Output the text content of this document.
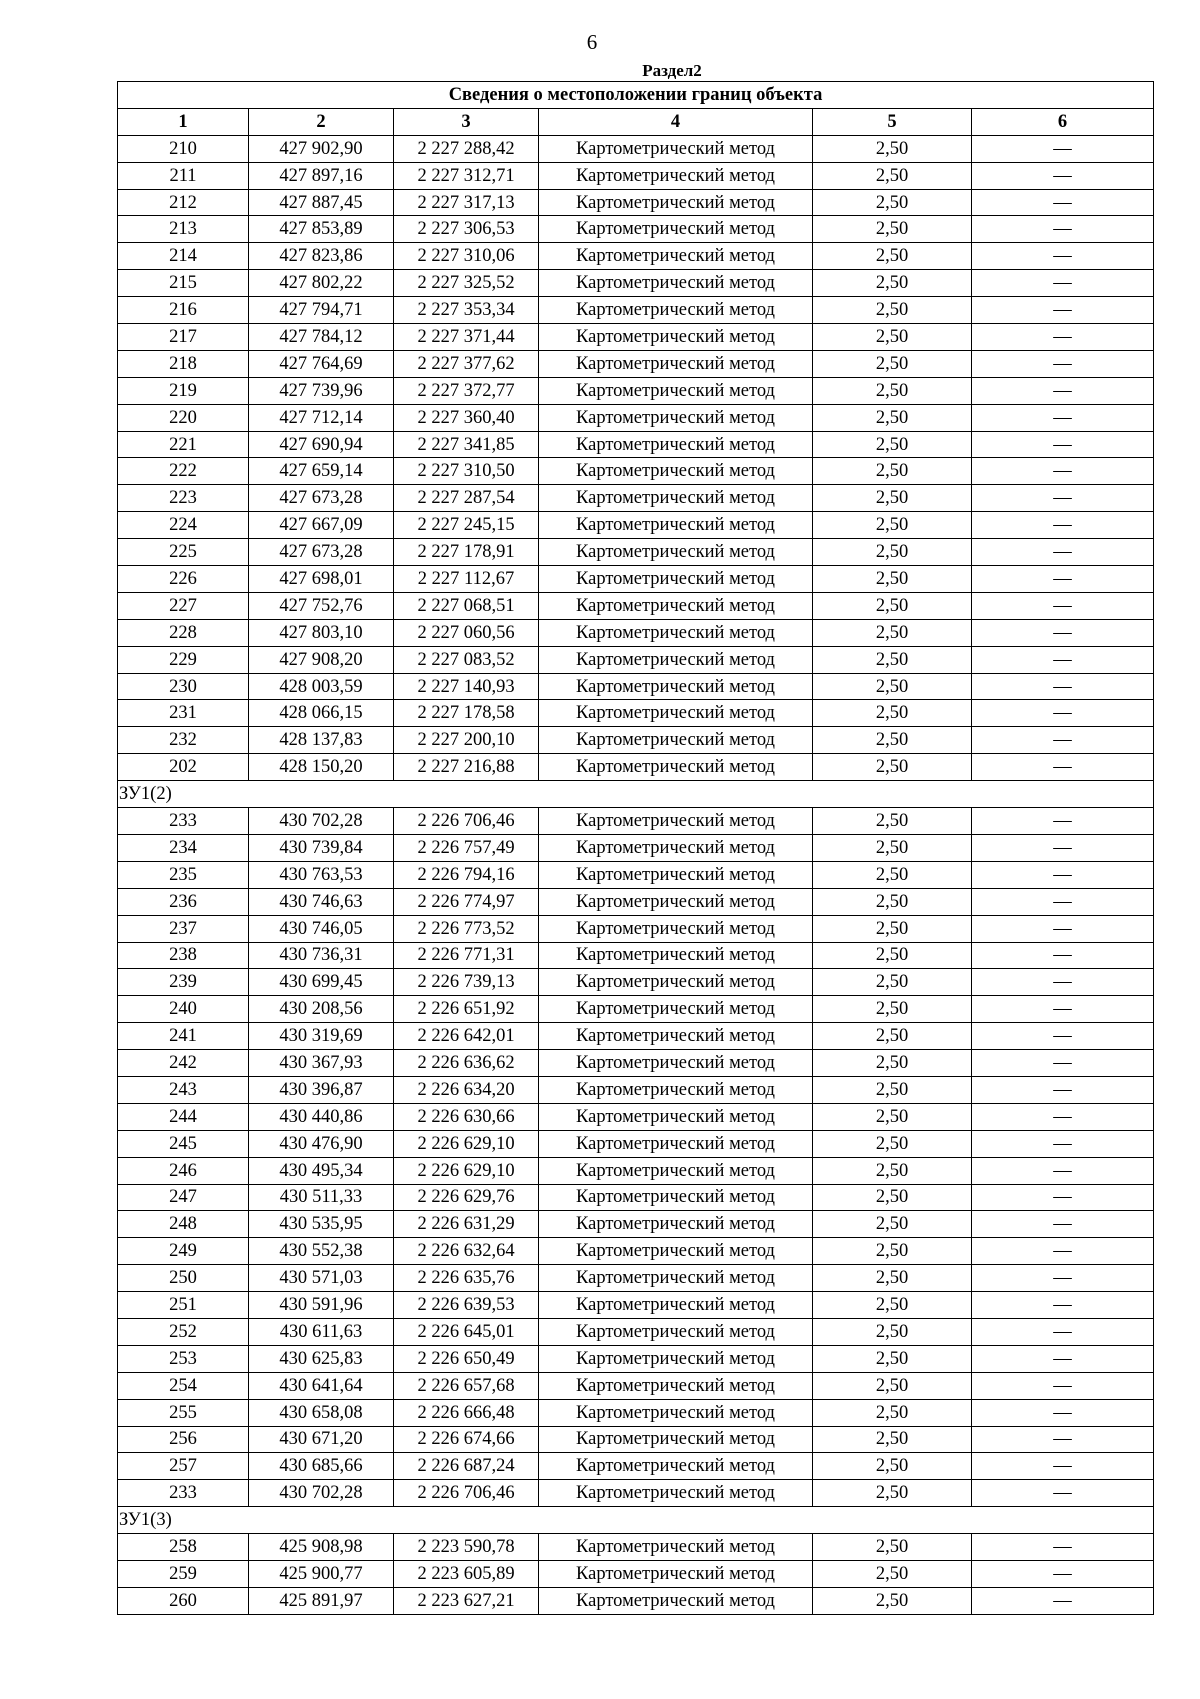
6
Раздел2
Сведения о местоположении границ объекта					
1	2	3	4	5	6
210	427 902,90	2 227 288,42	Картометрический метод	2,50	—
211	427 897,16	2 227 312,71	Картометрический метод	2,50	—
212	427 887,45	2 227 317,13	Картометрический метод	2,50	—
213	427 853,89	2 227 306,53	Картометрический метод	2,50	—
214	427 823,86	2 227 310,06	Картометрический метод	2,50	—
215	427 802,22	2 227 325,52	Картометрический метод	2,50	—
216	427 794,71	2 227 353,34	Картометрический метод	2,50	—
217	427 784,12	2 227 371,44	Картометрический метод	2,50	—
218	427 764,69	2 227 377,62	Картометрический метод	2,50	—
219	427 739,96	2 227 372,77	Картометрический метод	2,50	—
220	427 712,14	2 227 360,40	Картометрический метод	2,50	—
221	427 690,94	2 227 341,85	Картометрический метод	2,50	—
222	427 659,14	2 227 310,50	Картометрический метод	2,50	—
223	427 673,28	2 227 287,54	Картометрический метод	2,50	—
224	427 667,09	2 227 245,15	Картометрический метод	2,50	—
225	427 673,28	2 227 178,91	Картометрический метод	2,50	—
226	427 698,01	2 227 112,67	Картометрический метод	2,50	—
227	427 752,76	2 227 068,51	Картометрический метод	2,50	—
228	427 803,10	2 227 060,56	Картометрический метод	2,50	—
229	427 908,20	2 227 083,52	Картометрический метод	2,50	—
230	428 003,59	2 227 140,93	Картометрический метод	2,50	—
231	428 066,15	2 227 178,58	Картометрический метод	2,50	—
232	428 137,83	2 227 200,10	Картометрический метод	2,50	—
202	428 150,20	2 227 216,88	Картометрический метод	2,50	—
ЗУ1(2)					
233	430 702,28	2 226 706,46	Картометрический метод	2,50	—
234	430 739,84	2 226 757,49	Картометрический метод	2,50	—
235	430 763,53	2 226 794,16	Картометрический метод	2,50	—
236	430 746,63	2 226 774,97	Картометрический метод	2,50	—
237	430 746,05	2 226 773,52	Картометрический метод	2,50	—
238	430 736,31	2 226 771,31	Картометрический метод	2,50	—
239	430 699,45	2 226 739,13	Картометрический метод	2,50	—
240	430 208,56	2 226 651,92	Картометрический метод	2,50	—
241	430 319,69	2 226 642,01	Картометрический метод	2,50	—
242	430 367,93	2 226 636,62	Картометрический метод	2,50	—
243	430 396,87	2 226 634,20	Картометрический метод	2,50	—
244	430 440,86	2 226 630,66	Картометрический метод	2,50	—
245	430 476,90	2 226 629,10	Картометрический метод	2,50	—
246	430 495,34	2 226 629,10	Картометрический метод	2,50	—
247	430 511,33	2 226 629,76	Картометрический метод	2,50	—
248	430 535,95	2 226 631,29	Картометрический метод	2,50	—
249	430 552,38	2 226 632,64	Картометрический метод	2,50	—
250	430 571,03	2 226 635,76	Картометрический метод	2,50	—
251	430 591,96	2 226 639,53	Картометрический метод	2,50	—
252	430 611,63	2 226 645,01	Картометрический метод	2,50	—
253	430 625,83	2 226 650,49	Картометрический метод	2,50	—
254	430 641,64	2 226 657,68	Картометрический метод	2,50	—
255	430 658,08	2 226 666,48	Картометрический метод	2,50	—
256	430 671,20	2 226 674,66	Картометрический метод	2,50	—
257	430 685,66	2 226 687,24	Картометрический метод	2,50	—
233	430 702,28	2 226 706,46	Картометрический метод	2,50	—
ЗУ1(3)					
258	425 908,98	2 223 590,78	Картометрический метод	2,50	—
259	425 900,77	2 223 605,89	Картометрический метод	2,50	—
260	425 891,97	2 223 627,21	Картометрический метод	2,50	—
